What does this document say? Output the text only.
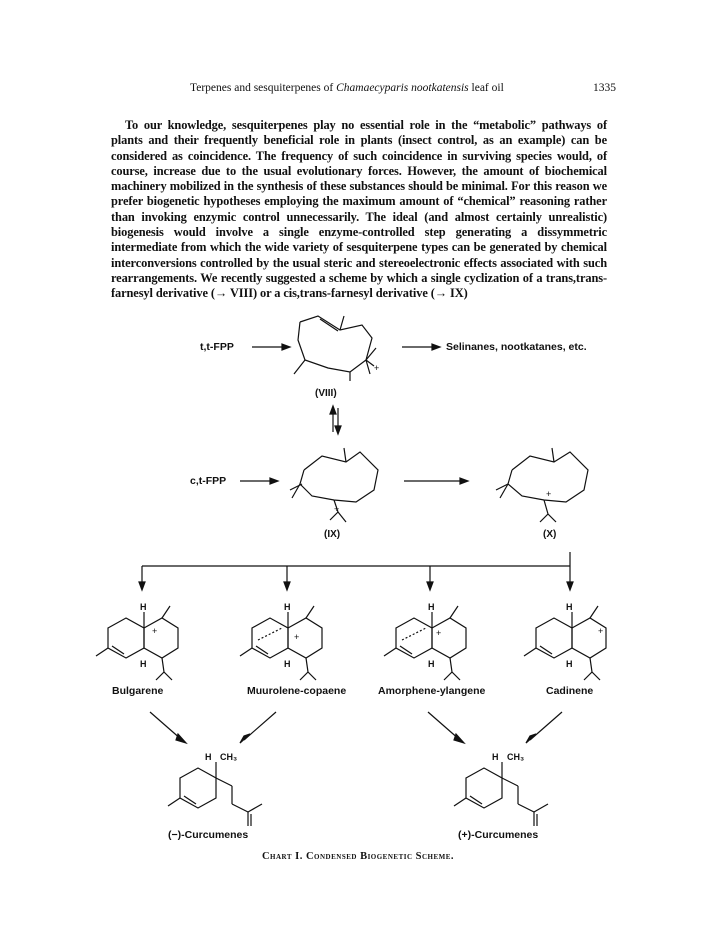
Terpenes and sesquiterpenes of Chamaecyparis nootkatensis leaf oil	1335

To our knowledge, sesquiterpenes play no essential role in the “metabolic” pathways of plants and their frequently beneficial role in plants (insect control, as an example) can be considered as coincidence. The frequency of such coincidence in surviving species would, of course, increase due to the usual evolutionary forces. However, the amount of biochemical machinery mobilized in the synthesis of these substances should be minimal. For this reason we prefer biogenetic hypotheses employing the maximum amount of “chemical” reasoning rather than invoking enzymic control unnecessarily. The ideal (and almost certainly unrealistic) biogenesis would involve a single enzyme-controlled step generating a dissymmetric intermediate from which the wide variety of sesquiterpene types can be generated by chemical interconversions controlled by the usual steric and stereoelectronic effects associated with such rearrangements. We recently suggested a scheme by which a single cyclization of a trans,trans-farnesyl derivative (→ VIII) or a cis,trans-farnesyl derivative (→ IX)

t,t-FPP
+
(VIII)
Selinanes, nootkatanes, etc.
c,t-FPP
+
(IX)
+
(X)
H
H
+
Bulgarene
H
H
+
Muurolene-copaene
H
H
+
Amorphene-ylangene
H
H
+
Cadinene
H CH₃
(−)-Curcumenes
H CH₃
(+)-Curcumenes
Chart I. Condensed Biogenetic Scheme.
